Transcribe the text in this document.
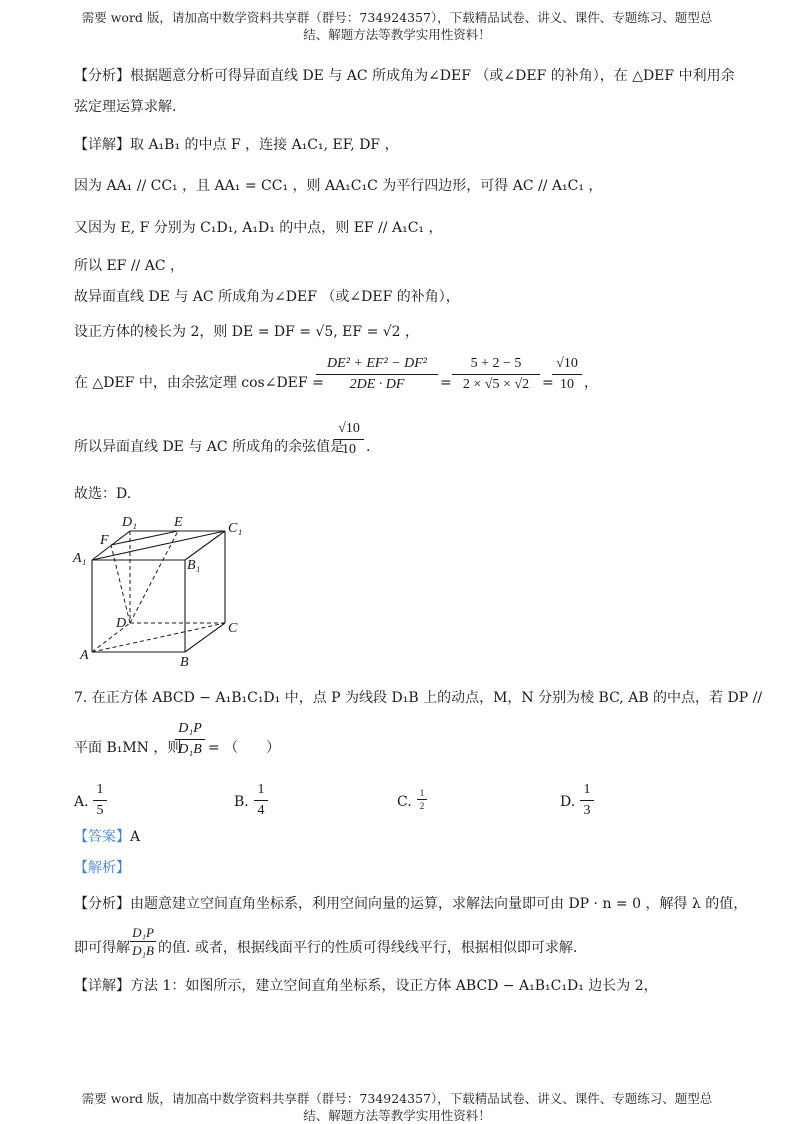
需要 word 版，请加高中数学资料共享群（群号：734924357），下载精品试卷、讲义、课件、专题练习、题型总
结、解题方法等教学实用性资料！
【分析】根据题意分析可得异面直线 DE 与 AC 所成角为∠DEF （或∠DEF 的补角），在 △DEF 中利用余
弦定理运算求解.
【详解】取 A₁B₁ 的中点 F ，连接 A₁C₁, EF, DF ，
因为 AA₁ // CC₁ ，且 AA₁ = CC₁ ，则 AA₁C₁C 为平行四边形，可得 AC // A₁C₁ ，
又因为 E, F 分别为 C₁D₁, A₁D₁ 的中点，则 EF // A₁C₁ ，
所以 EF // AC ，
故异面直线 DE 与 AC 所成角为∠DEF （或∠DEF 的补角），
设正方体的棱长为 2，则 DE = DF = √5, EF = √2 ，
在 △DEF 中，由余弦定理 cos∠DEF =
DE² + EF² − DF²
2DE · DF	=
5 + 2 − 5
2 × √5 × √2 =
√10
10 ，
所以异面直线 DE 与 AC 所成角的余弦值是
√10
10 .
故选：D.
D₁	E	C₁
F
A₁	B₁
D	C
A	B
7. 在正方体 ABCD − A₁B₁C₁D₁ 中，点 P 为线段 D₁B 上的动点，M，N 分别为棱 BC, AB 的中点，若 DP //
平面 B₁MN ，则
D₁P
D₁B = （　　）
A.
1
5
B.
1
4
C.
1
2	D.
1
3
【答案】A
【解析】
【分析】由题意建立空间直角坐标系，利用空间向量的运算，求解法向量即可由 DP · n = 0 ，解得 λ 的值，
即可得解
D₁P
D₁B 的值. 或者，根据线面平行的性质可得线线平行，根据相似即可求解.
【详解】方法 1：如图所示，建立空间直角坐标系，设正方体 ABCD − A₁B₁C₁D₁ 边长为 2，
需要 word 版，请加高中数学资料共享群（群号：734924357），下载精品试卷、讲义、课件、专题练习、题型总
结、解题方法等教学实用性资料！
